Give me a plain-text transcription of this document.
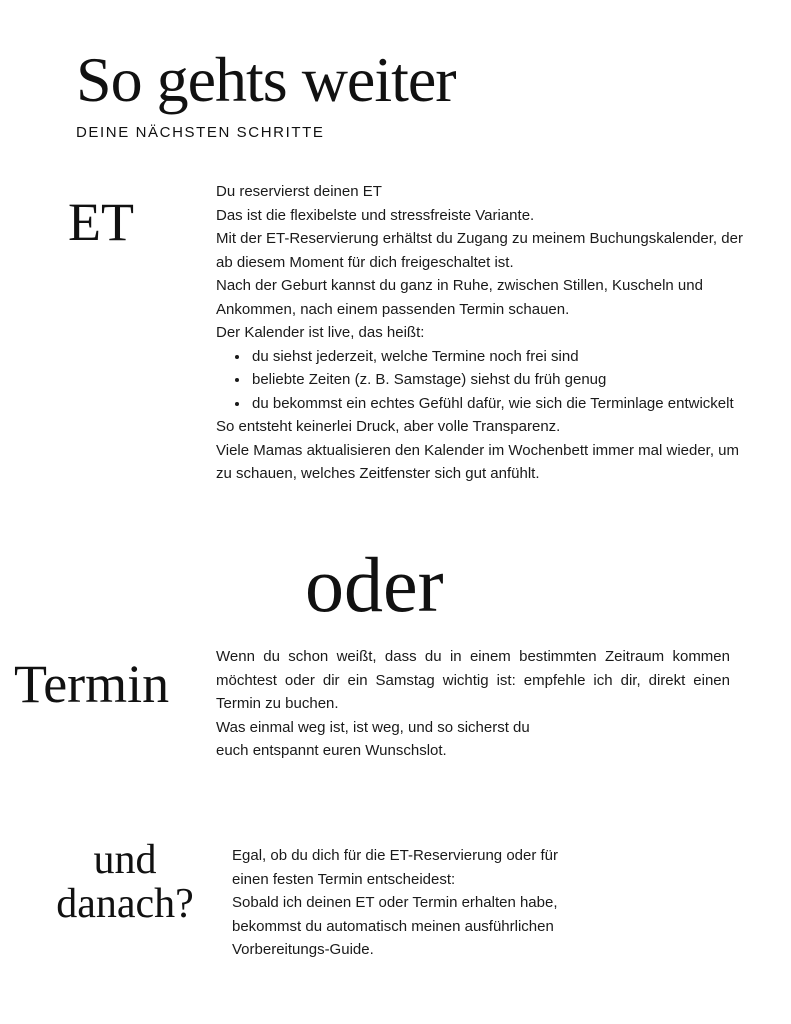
So gehts weiter
DEINE NÄCHSTEN SCHRITTE
ET

Du reservierst deinen ET

Das ist die flexibelste und stressfreiste Variante.

Mit der ET-Reservierung erhältst du Zugang zu meinem Buchungskalender, der ab diesem Moment für dich freigeschaltet ist.

Nach der Geburt kannst du ganz in Ruhe, zwischen Stillen, Kuscheln und Ankommen, nach einem passenden Termin schauen.

Der Kalender ist live, das heißt:

• du siehst jederzeit, welche Termine noch frei sind
• beliebte Zeiten (z. B. Samstage) siehst du früh genug
• du bekommst ein echtes Gefühl dafür, wie sich die Terminlage entwickelt

So entsteht keinerlei Druck, aber volle Transparenz.

Viele Mamas aktualisieren den Kalender im Wochenbett immer mal wieder, um zu schauen, welches Zeitfenster sich gut anfühlt.

oder
Termin	Wenn du schon weißt, dass du in einem bestimmten Zeitraum kommen möchtest oder dir ein Samstag wichtig ist: empfehle ich dir, direkt einen Termin zu buchen.

Was einmal weg ist, ist weg, und so sicherst du

euch entspannt euren Wunschslot.

und
danach?

Egal, ob du dich für die ET-Reservierung oder für

einen festen Termin entscheidest:

Sobald ich deinen ET oder Termin erhalten habe,

bekommst du automatisch meinen ausführlichen

Vorbereitungs-Guide.
